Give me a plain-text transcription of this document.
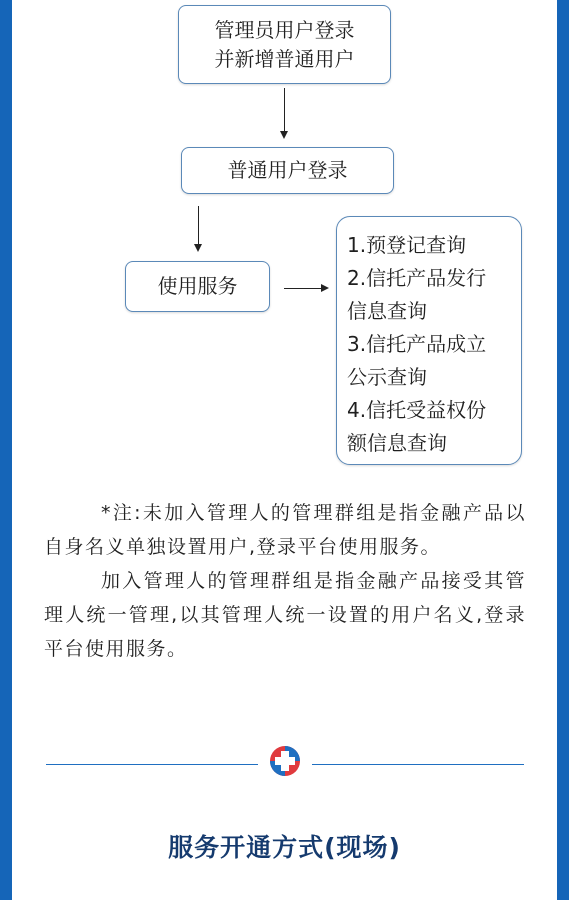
管理员用户登录
并新增普通用户
普通用户登录
使用服务
1.预登记查询
2.信托产品发行
信息查询
3.信托产品成立
公示查询
4.信托受益权份
额信息查询

*注:未加入管理人的管理群组是指金融产品以自身名义单独设置用户,登录平台使用服务。

加入管理人的管理群组是指金融产品接受其管理人统一管理,以其管理人统一设置的用户名义,登录平台使用服务。

服务开通方式(现场)
